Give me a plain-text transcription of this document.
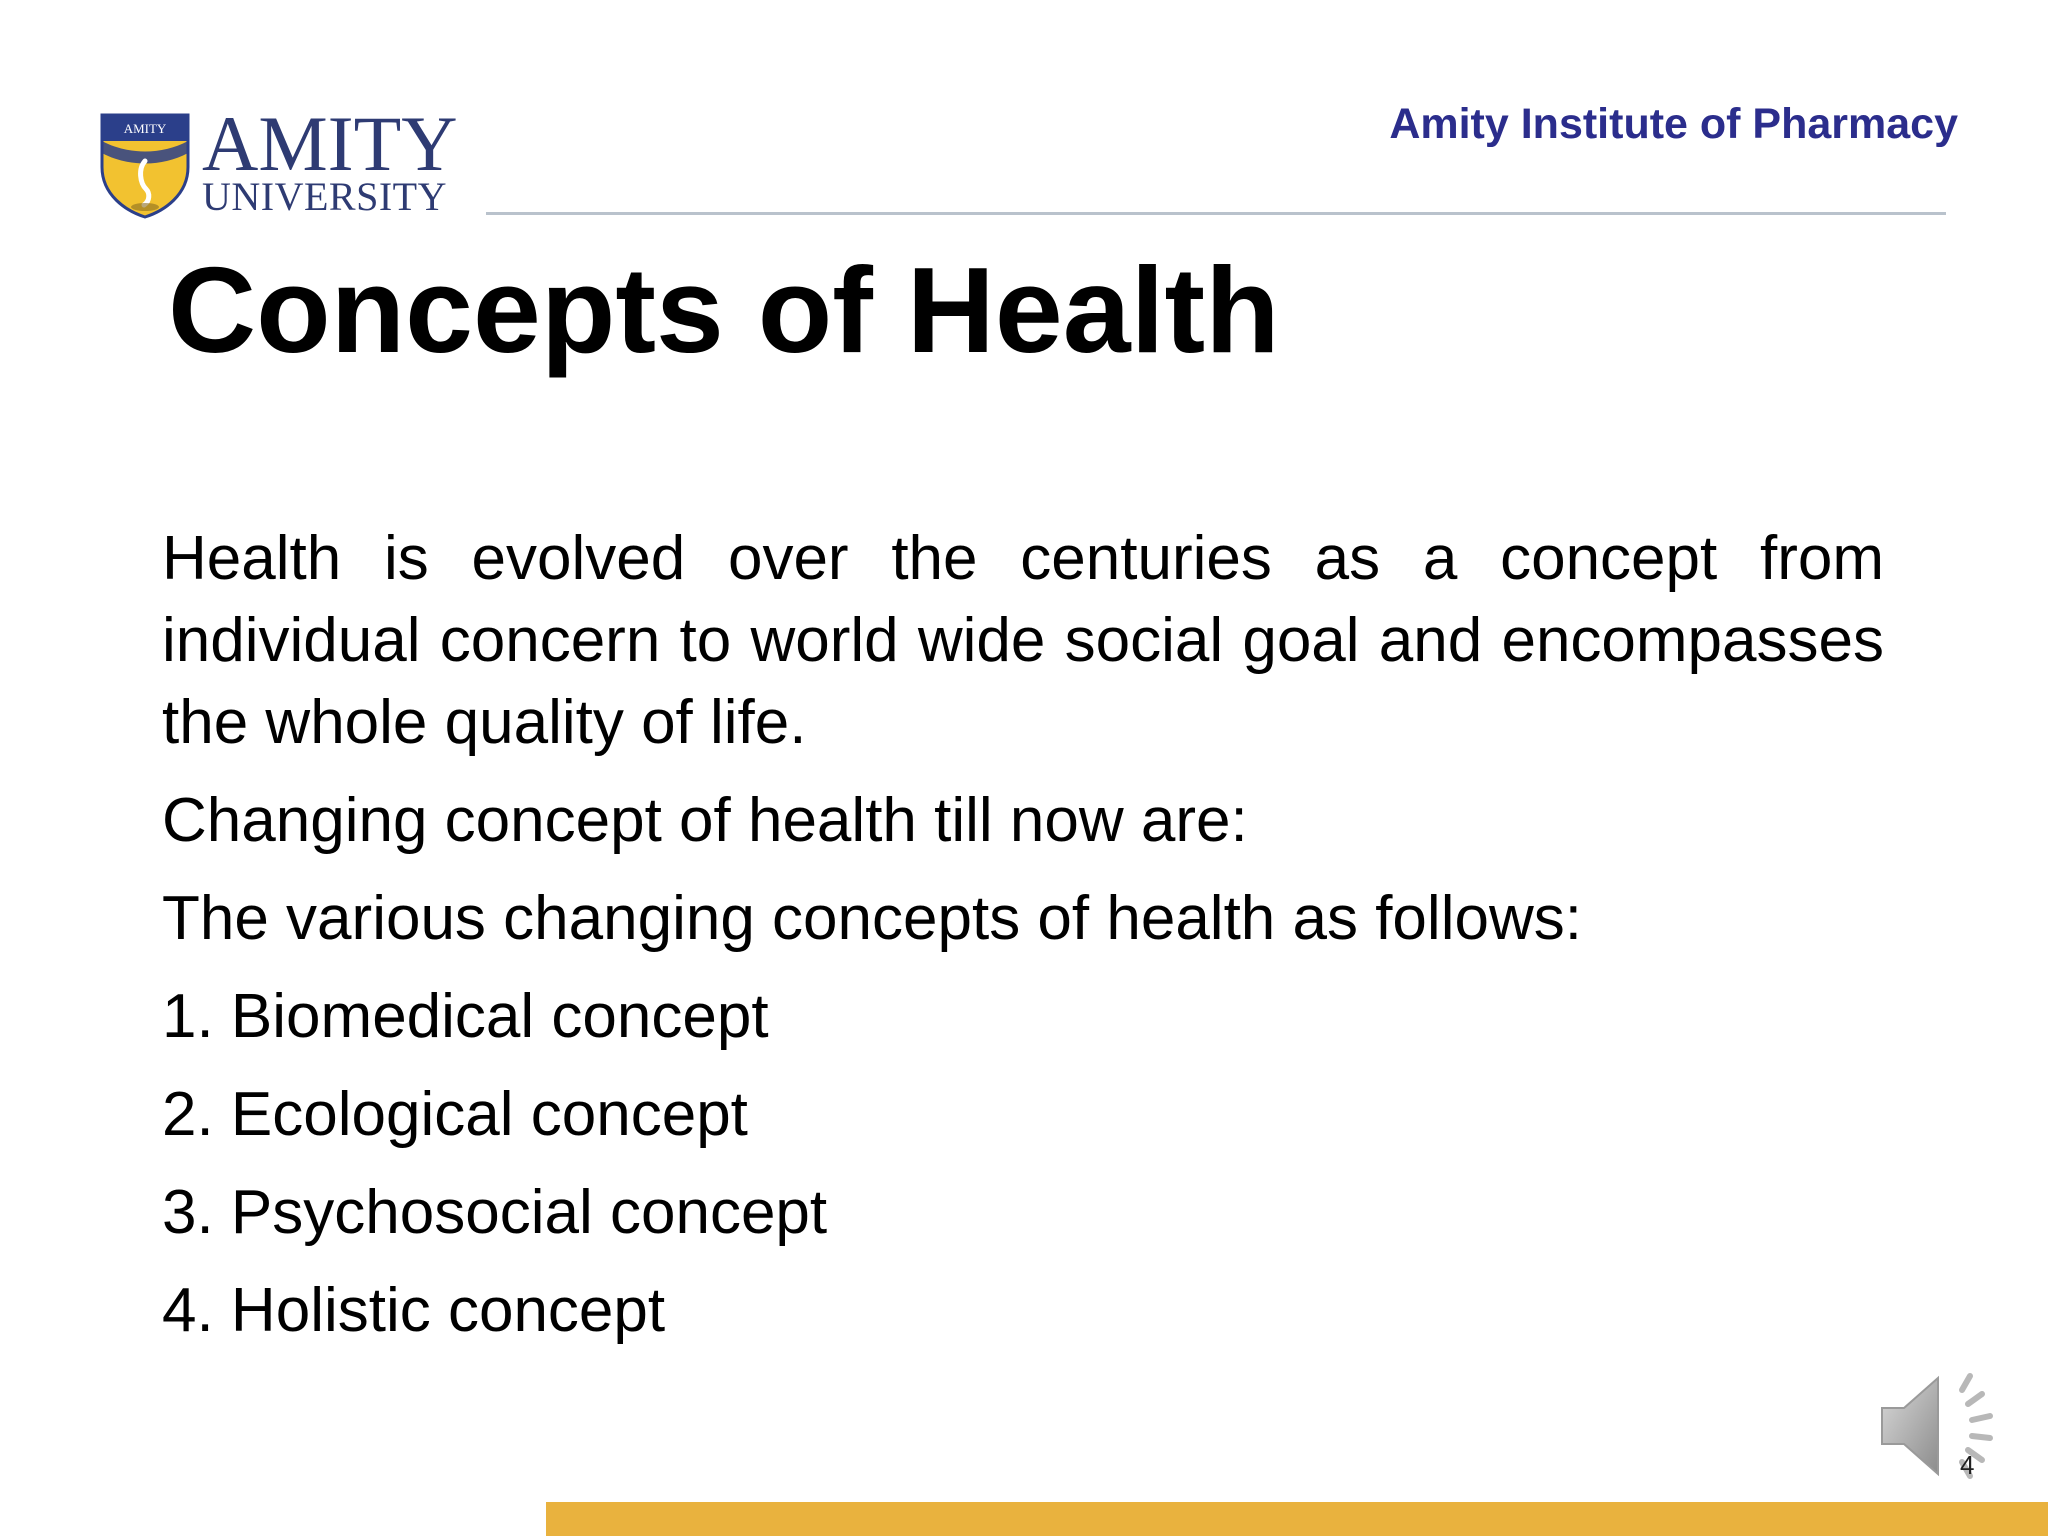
AMITY AMITY
UNIVERSITY
Amity Institute of Pharmacy
Concepts of Health

Health is evolved over the centuries as a concept from individual concern to world wide social goal and encompasses the whole quality of life.

Changing concept of health till now are:

The various changing concepts of health as follows:

1. Biomedical concept

2. Ecological concept

3. Psychosocial concept

4. Holistic concept

4
